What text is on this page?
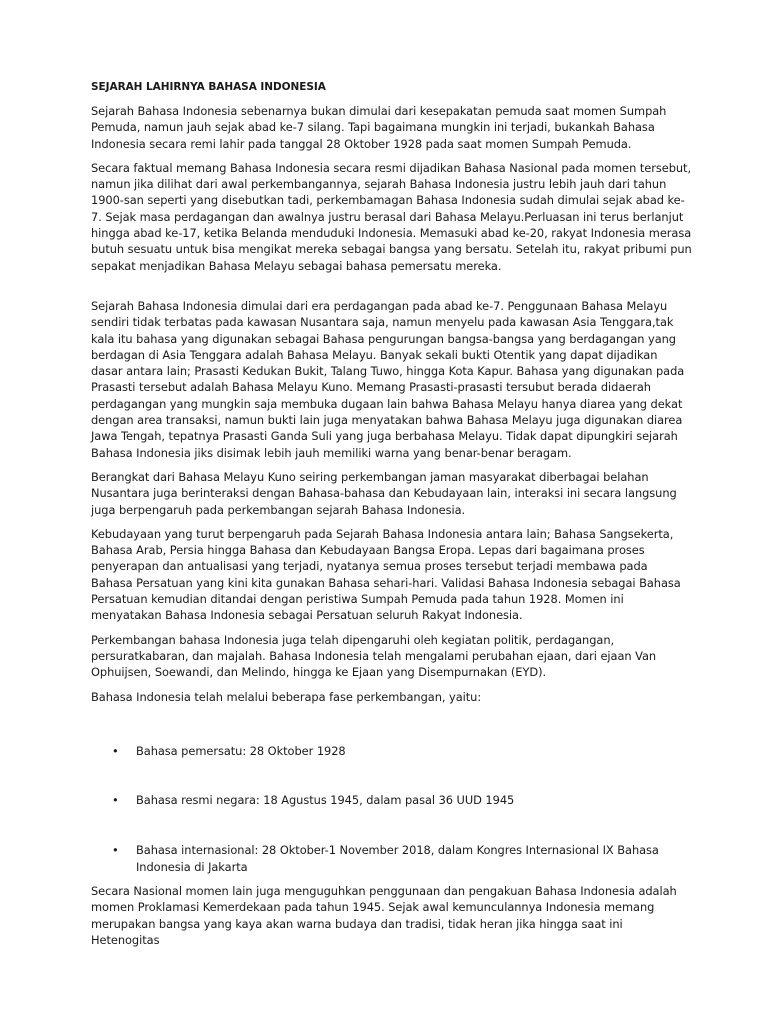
SEJARAH LAHIRNYA BAHASA INDONESIA

Sejarah Bahasa Indonesia sebenarnya bukan dimulai dari kesepakatan pemuda saat momen Sumpah Pemuda, namun jauh sejak abad ke-7 silang. Tapi bagaimana mungkin ini terjadi, bukankah Bahasa Indonesia secara remi lahir pada tanggal 28 Oktober 1928 pada saat momen Sumpah Pemuda.

Secara faktual memang Bahasa Indonesia secara resmi dijadikan Bahasa Nasional pada momen tersebut, namun jika dilihat dari awal perkembangannya, sejarah Bahasa Indonesia justru lebih jauh dari tahun 1900-san seperti yang disebutkan tadi, perkembamagan Bahasa Indonesia sudah dimulai sejak abad ke-7. Sejak masa perdagangan dan awalnya justru berasal dari Bahasa Melayu.Perluasan ini terus berlanjut hingga abad ke-17, ketika Belanda menduduki Indonesia. Memasuki abad ke-20, rakyat Indonesia merasa butuh sesuatu untuk bisa mengikat mereka sebagai bangsa yang bersatu. Setelah itu, rakyat pribumi pun sepakat menjadikan Bahasa Melayu sebagai bahasa pemersatu mereka.

Sejarah Bahasa Indonesia dimulai dari era perdagangan pada abad ke-7. Penggunaan Bahasa Melayu sendiri tidak terbatas pada kawasan Nusantara saja, namun menyelu pada kawasan Asia Tenggara,tak kala itu bahasa yang digunakan sebagai Bahasa pengurungan bangsa-bangsa yang berdagangan yang berdagan di Asia Tenggara adalah Bahasa Melayu. Banyak sekali bukti Otentik yang dapat dijadikan dasar antara lain; Prasasti Kedukan Bukit, Talang Tuwo, hingga Kota Kapur. Bahasa yang digunakan pada Prasasti tersebut adalah Bahasa Melayu Kuno. Memang Prasasti-prasasti tersubut berada didaerah perdagangan yang mungkin saja membuka dugaan lain bahwa Bahasa Melayu hanya diarea yang dekat dengan area transaksi, namun bukti lain juga menyatakan bahwa Bahasa Melayu juga digunakan diarea Jawa Tengah, tepatnya Prasasti Ganda Suli yang juga berbahasa Melayu. Tidak dapat dipungkiri sejarah Bahasa Indonesia jiks disimak lebih jauh memiliki warna yang benar-benar beragam.

Berangkat dari Bahasa Melayu Kuno seiring perkembangan jaman masyarakat diberbagai belahan Nusantara juga berinteraksi dengan Bahasa-bahasa dan Kebudayaan lain, interaksi ini secara langsung juga berpengaruh pada perkembangan sejarah Bahasa Indonesia.

Kebudayaan yang turut berpengaruh pada Sejarah Bahasa Indonesia antara lain; Bahasa Sangsekerta, Bahasa Arab, Persia hingga Bahasa dan Kebudayaan Bangsa Eropa. Lepas dari bagaimana proses penyerapan dan antualisasi yang terjadi, nyatanya semua proses tersebut terjadi membawa pada Bahasa Persatuan yang kini kita gunakan Bahasa sehari-hari. Validasi Bahasa Indonesia sebagai Bahasa Persatuan kemudian ditandai dengan peristiwa Sumpah Pemuda pada tahun 1928. Momen ini menyatakan Bahasa Indonesia sebagai Persatuan seluruh Rakyat Indonesia.

Perkembangan bahasa Indonesia juga telah dipengaruhi oleh kegiatan politik, perdagangan, persuratkabaran, dan majalah. Bahasa Indonesia telah mengalami perubahan ejaan, dari ejaan Van Ophuijsen, Soewandi, dan Melindo, hingga ke Ejaan yang Disempurnakan (EYD).

Bahasa Indonesia telah melalui beberapa fase perkembangan, yaitu:

• Bahasa pemersatu: 28 Oktober 1928
• Bahasa resmi negara: 18 Agustus 1945, dalam pasal 36 UUD 1945
• Bahasa internasional: 28 Oktober-1 November 2018, dalam Kongres Internasional IX Bahasa Indonesia di Jakarta

Secara Nasional momen lain juga menguguhkan penggunaan dan pengakuan Bahasa Indonesia adalah momen Proklamasi Kemerdekaan pada tahun 1945. Sejak awal kemunculannya Indonesia memang merupakan bangsa yang kaya akan warna budaya dan tradisi, tidak heran jika hingga saat ini Hetenogitas
